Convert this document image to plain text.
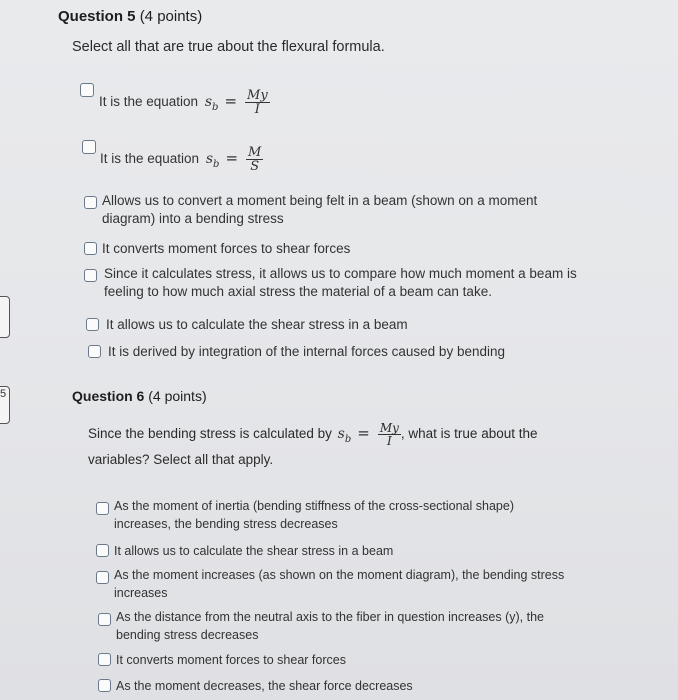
5
Question 5 (4 points)

Select all that are true about the flexural formula.

It is the equation $s_b = \frac{My}{I}$
It is the equation $s_b = \frac{M}{S}$
Allows us to convert a moment being felt in a beam (shown on a moment
diagram) into a bending stress
It converts moment forces to shear forces
Since it calculates stress, it allows us to compare how much moment a beam is
feeling to how much axial stress the material of a beam can take.
It allows us to calculate the shear stress in a beam
It is derived by integration of the internal forces caused by bending
Question 6 (4 points)
Since the bending stress is calculated by $s_b = \frac{My}{I}$ , what is true about the
variables? Select all that apply.
As the moment of inertia (bending stiffness of the cross-sectional shape)
increases, the bending stress decreases
It allows us to calculate the shear stress in a beam
As the moment increases (as shown on the moment diagram), the bending stress
increases
As the distance from the neutral axis to the fiber in question increases (y), the
bending stress decreases
It converts moment forces to shear forces
As the moment decreases, the shear force decreases
